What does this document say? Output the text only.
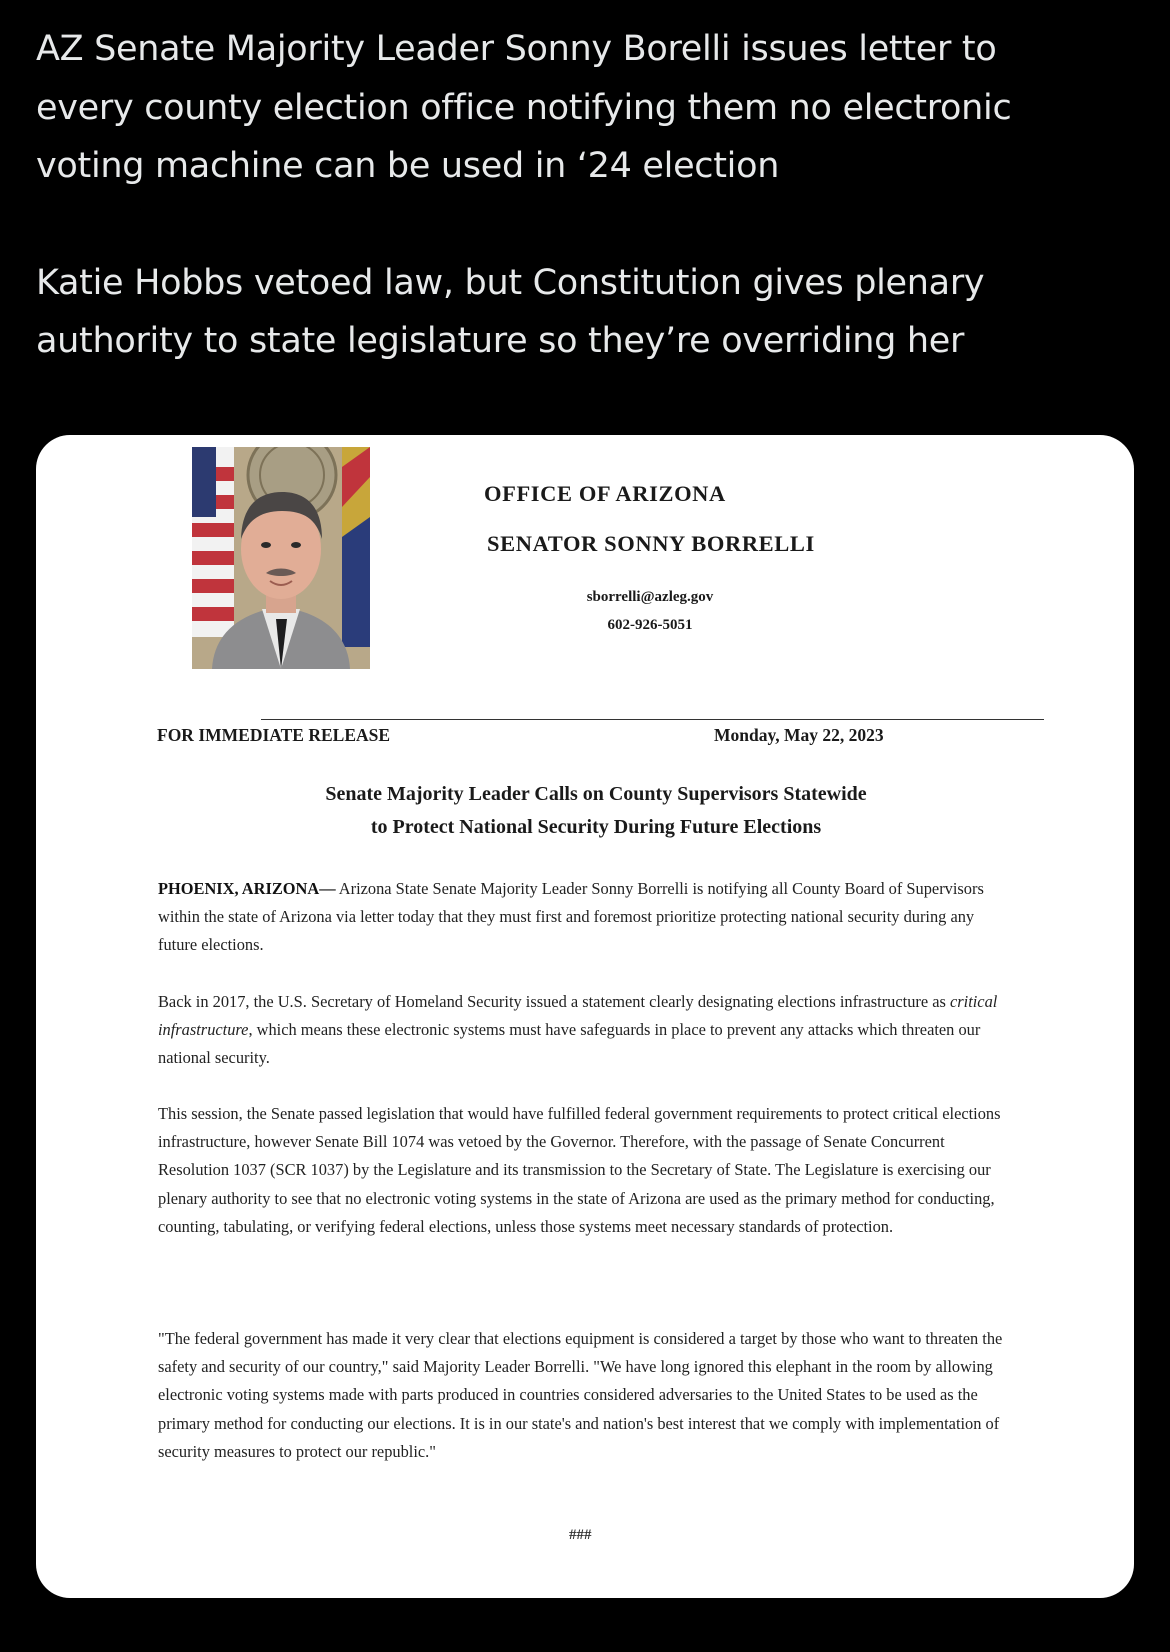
AZ Senate Majority Leader Sonny Borelli issues letter to
every county election office notifying them no electronic
voting machine can be used in ‘24 election

Katie Hobbs vetoed law, but Constitution gives plenary
authority to state legislature so they’re overriding her

OFFICE OF ARIZONA
SENATOR SONNY BORRELLI
sborrelli@azleg.gov
602-926-5051
FOR IMMEDIATE RELEASE	Monday, May 22, 2023
Senate Majority Leader Calls on County Supervisors Statewide
to Protect National Security During Future Elections

PHOENIX, ARIZONA— Arizona State Senate Majority Leader Sonny Borrelli is notifying all County Board of Supervisors within the state of Arizona via letter today that they must first and foremost prioritize protecting national security during any future elections.

Back in 2017, the U.S. Secretary of Homeland Security issued a statement clearly designating elections infrastructure as critical infrastructure, which means these electronic systems must have safeguards in place to prevent any attacks which threaten our national security.

This session, the Senate passed legislation that would have fulfilled federal government requirements to protect critical elections infrastructure, however Senate Bill 1074 was vetoed by the Governor. Therefore, with the passage of Senate Concurrent Resolution 1037 (SCR 1037) by the Legislature and its transmission to the Secretary of State. The Legislature is exercising our plenary authority to see that no electronic voting systems in the state of Arizona are used as the primary method for conducting, counting, tabulating, or verifying federal elections, unless those systems meet necessary standards of protection.

"The federal government has made it very clear that elections equipment is considered a target by those who want to threaten the safety and security of our country," said Majority Leader Borrelli. "We have long ignored this elephant in the room by allowing electronic voting systems made with parts produced in countries considered adversaries to the United States to be used as the primary method for conducting our elections. It is in our state's and nation's best interest that we comply with implementation of security measures to protect our republic."

###
